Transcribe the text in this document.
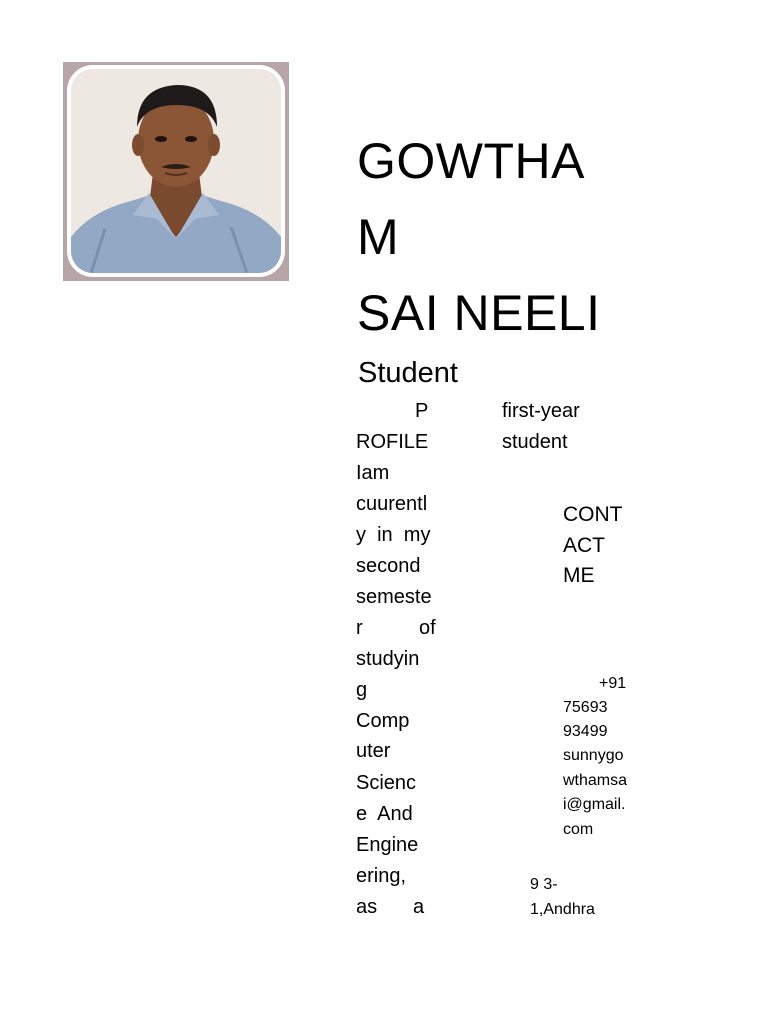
GOWTHA
M
SAI NEELI
Student
P
ROFILE
Iam
cuurentl
y  in  my
second
semeste
r	of
studyin
g
Comp
uter
Scienc
e  And
Engine
ering,
as a
first-year
student
CONT
ACT
ME
+91
75693
93499
sunnygo
wthamsa
i@gmail.
com
9 3-
1,Andhra
